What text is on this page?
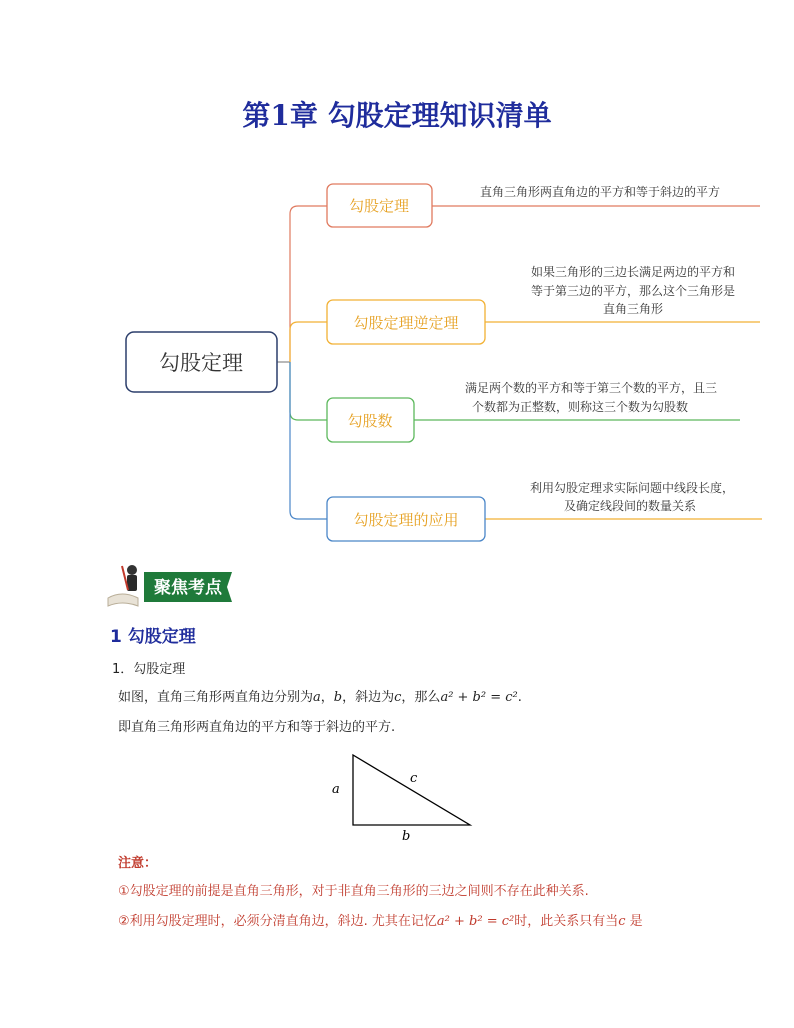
第1章 勾股定理知识清单
勾股定理
勾股定理
勾股定理逆定理
勾股数
勾股定理的应用
直角三角形两直角边的平方和等于斜边的平方
如果三角形的三边长满足两边的平方和
等于第三边的平方，那么这个三角形是
直角三角形
满足两个数的平方和等于第三个数的平方，且三
个数都为正整数，则称这三个数为勾股数
利用勾股定理求实际问题中线段长度，
及确定线段间的数量关系
聚焦考点
1 勾股定理
1．勾股定理
如图，直角三角形两直角边分别为a，b，斜边为c，那么a² + b² = c².
即直角三角形两直角边的平方和等于斜边的平方.
a
c
b
注意：
①勾股定理的前提是直角三角形，对于非直角三角形的三边之间则不存在此种关系.
②利用勾股定理时，必须分清直角边，斜边. 尤其在记忆a² + b² = c²时，此关系只有当c 是
